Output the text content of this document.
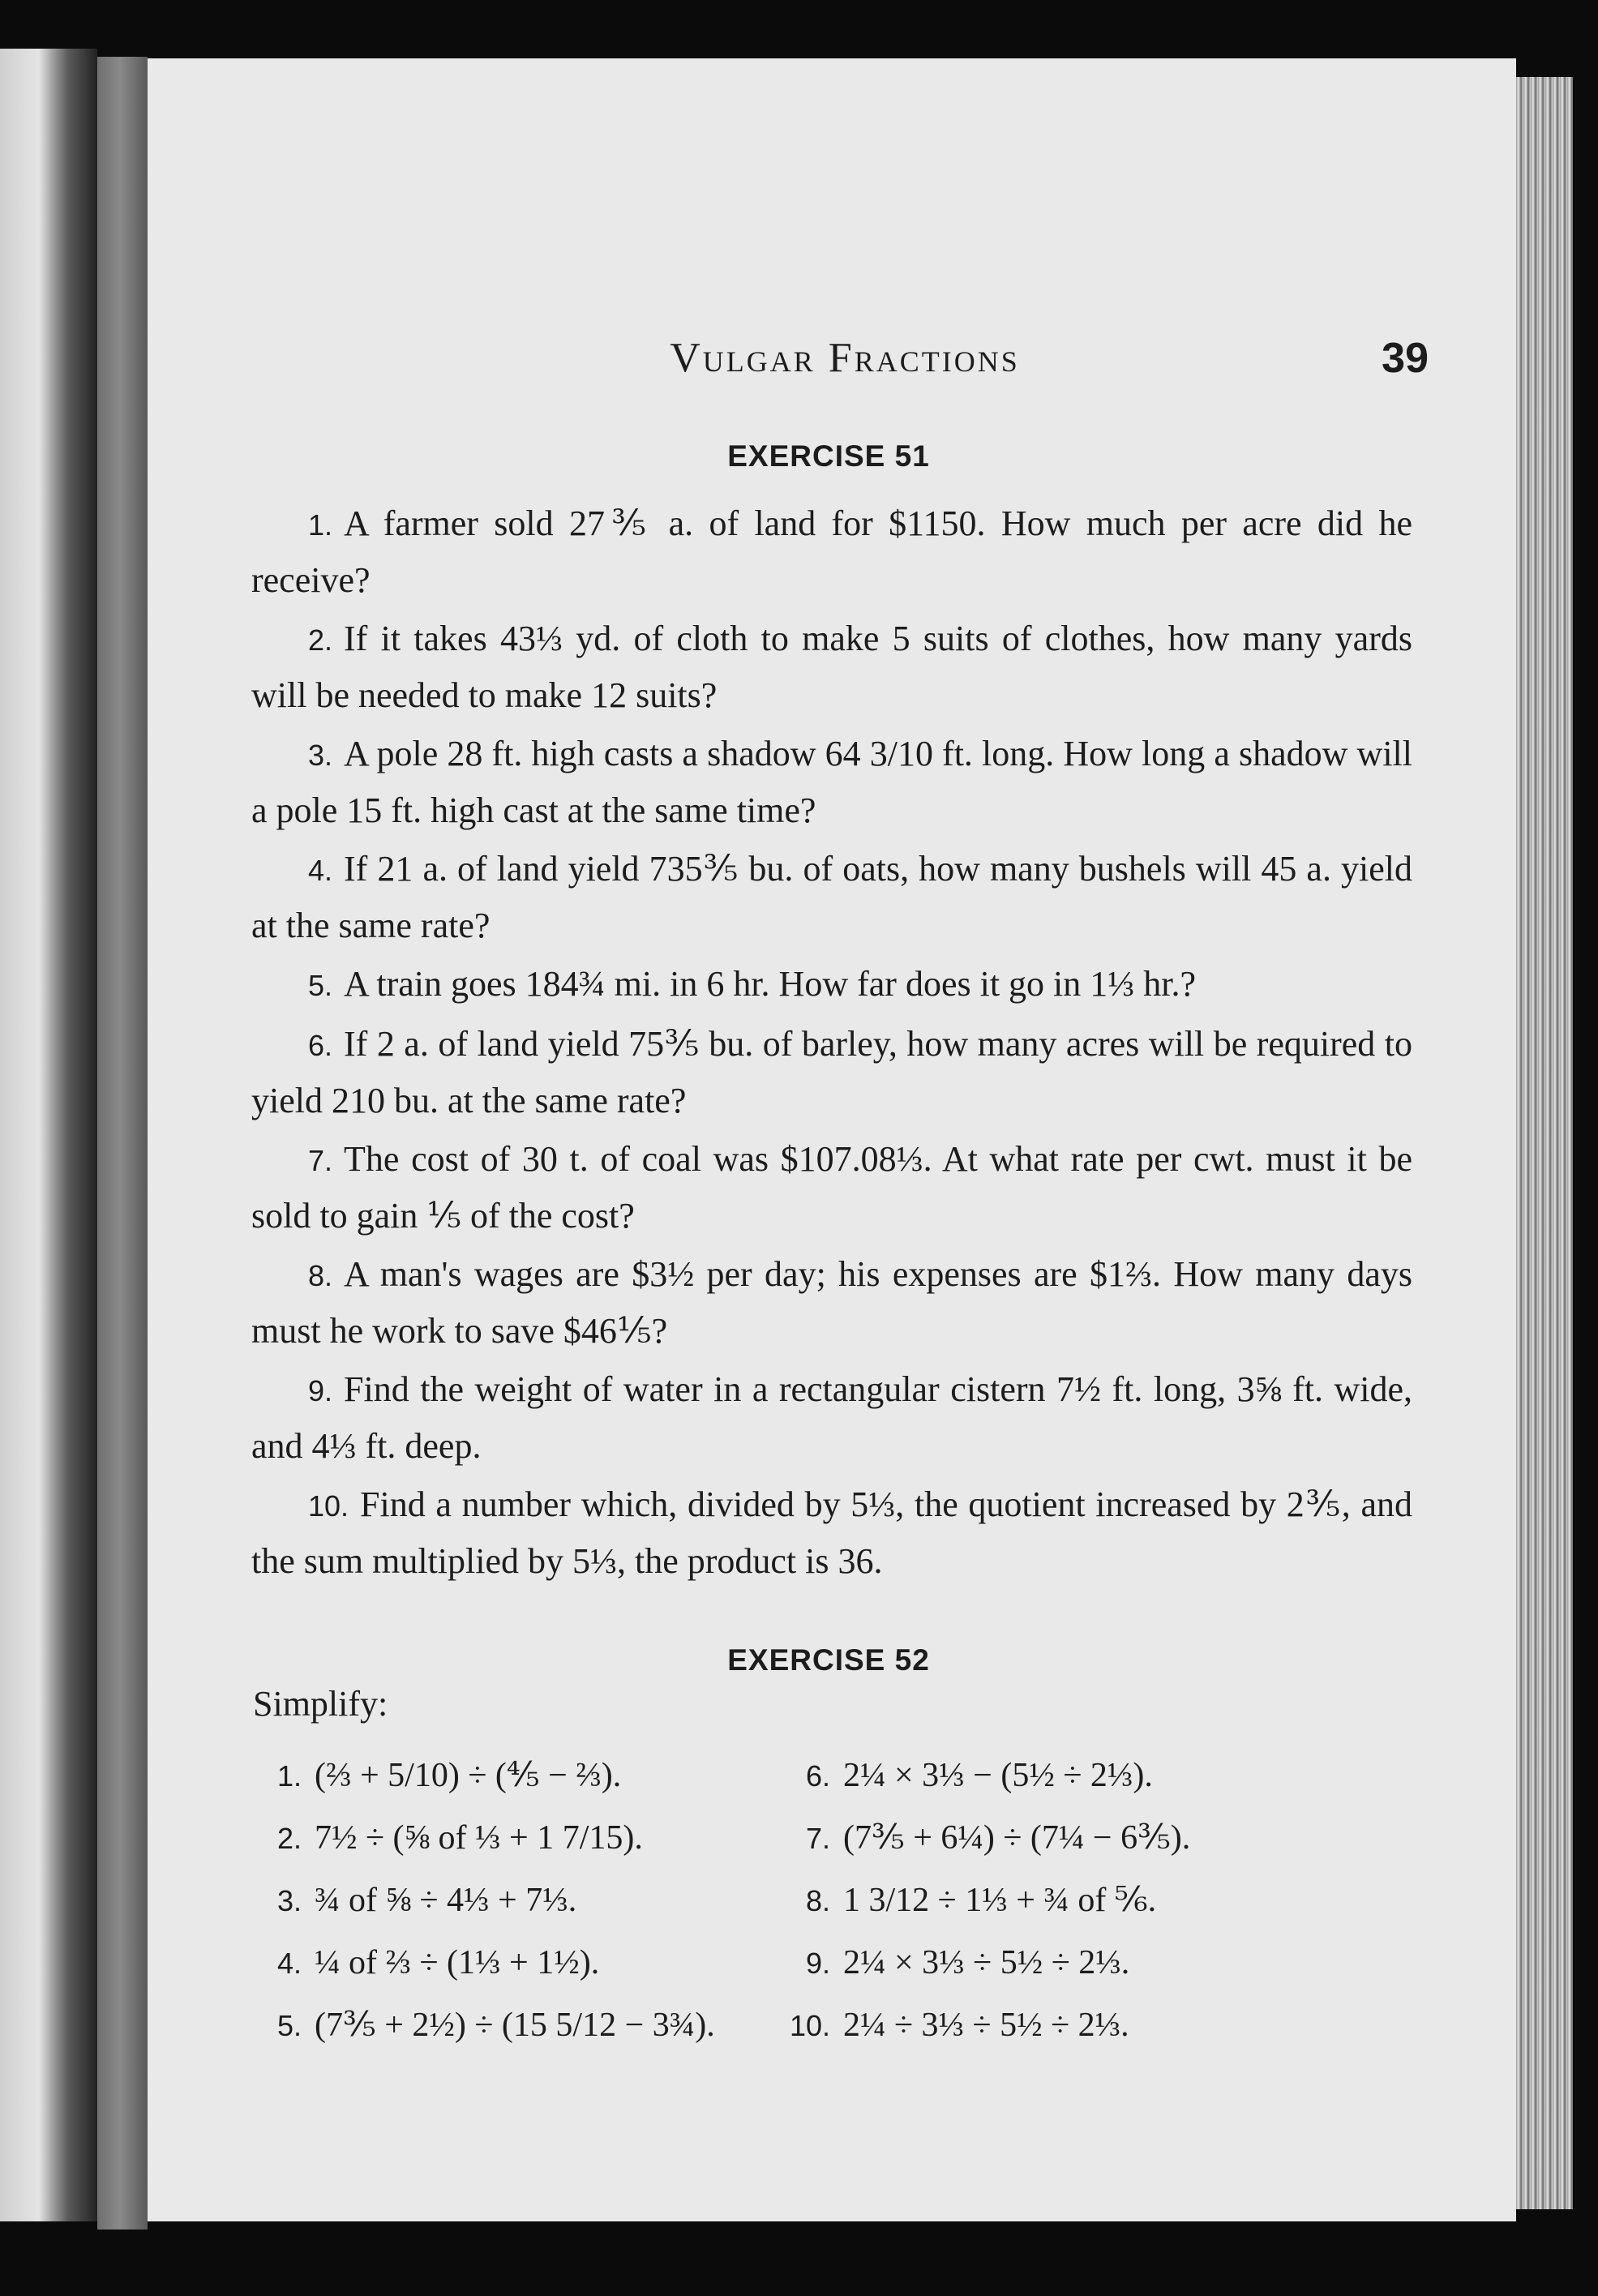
Vulgar Fractions	39
EXERCISE 51

1. A farmer sold 27⅗ a. of land for $1150. How much per acre did he receive?

2. If it takes 43⅓ yd. of cloth to make 5 suits of clothes, how many yards will be needed to make 12 suits?

3. A pole 28 ft. high casts a shadow 64 3/10 ft. long. How long a shadow will a pole 15 ft. high cast at the same time?

4. If 21 a. of land yield 735⅗ bu. of oats, how many bushels will 45 a. yield at the same rate?

5. A train goes 184¾ mi. in 6 hr. How far does it go in 1⅓ hr.?

6. If 2 a. of land yield 75⅗ bu. of barley, how many acres will be required to yield 210 bu. at the same rate?

7. The cost of 30 t. of coal was $107.08⅓. At what rate per cwt. must it be sold to gain ⅕ of the cost?

8. A man's wages are $3½ per day; his expenses are $1⅔. How many days must he work to save $46⅕?

9. Find the weight of water in a rectangular cistern 7½ ft. long, 3⅝ ft. wide, and 4⅓ ft. deep.

10. Find a number which, divided by 5⅓, the quotient increased by 2⅗, and the sum multiplied by 5⅓, the product is 36.

EXERCISE 52
Simplify:
1. (⅔ + 5/10) ÷ (⅘ − ⅔).
2. 7½ ÷ (⅝ of ⅓ + 1 7/15).
3. ¾ of ⅝ ÷ 4⅓ + 7⅓.
4. ¼ of ⅔ ÷ (1⅓ + 1½).
5. (7⅗ + 2½) ÷ (15 5/12 − 3¾).
6. 2¼ × 3⅓ − (5½ ÷ 2⅓).
7. (7⅗ + 6¼) ÷ (7¼ − 6⅗).
8. 1 3/12 ÷ 1⅓ + ¾ of ⅚.
9. 2¼ × 3⅓ ÷ 5½ ÷ 2⅓.
10. 2¼ ÷ 3⅓ ÷ 5½ ÷ 2⅓.
